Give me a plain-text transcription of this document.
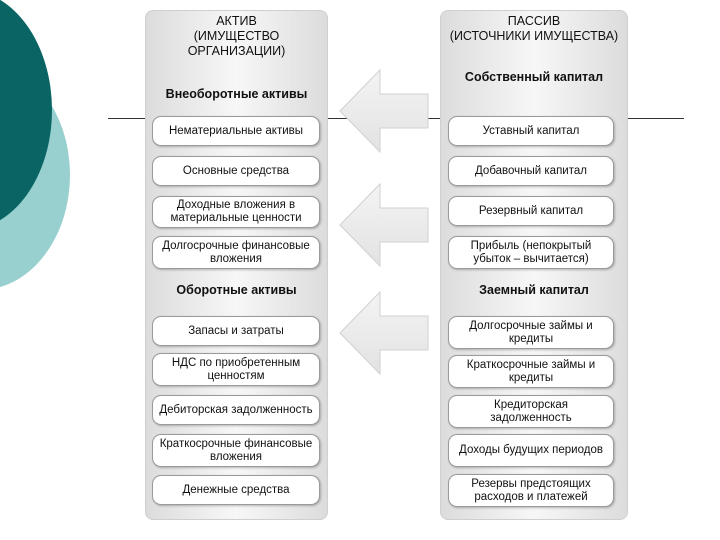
АКТИВ
(ИМУЩЕСТВО
ОРГАНИЗАЦИИ)
Внеоборотные активы
Оборотные активы
Нематериальные активы
Основные средства
Доходные вложения в материальные ценности
Долгосрочные финансовые вложения
Запасы и затраты
НДС по приобретенным ценностям
Дебиторская задолженность
Краткосрочные финансовые вложения
Денежные средства
ПАССИВ
(ИСТОЧНИКИ ИМУЩЕСТВА)
Собственный капитал
Заемный капитал
Уставный капитал
Добавочный капитал
Резервный капитал
Прибыль (непокрытый убыток – вычитается)
Долгосрочные займы и кредиты
Краткосрочные займы и кредиты
Кредиторская задолженность
Доходы будущих периодов
Резервы предстоящих расходов и платежей
